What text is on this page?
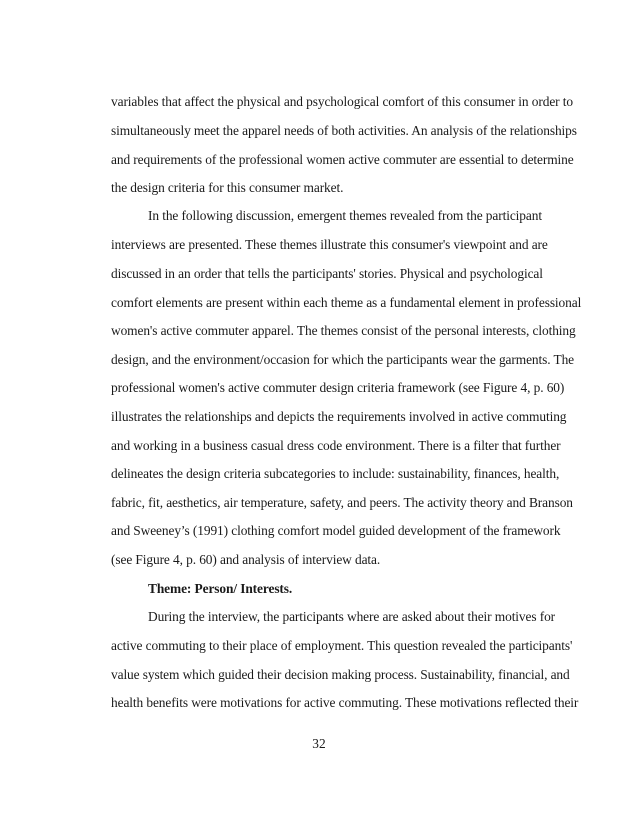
variables that affect the physical and psychological comfort of this consumer in order to
simultaneously meet the apparel needs of both activities. An analysis of the relationships
and requirements of the professional women active commuter are essential to determine
the design criteria for this consumer market.
In the following discussion, emergent themes revealed from the participant
interviews are presented. These themes illustrate this consumer's viewpoint and are
discussed in an order that tells the participants' stories. Physical and psychological
comfort elements are present within each theme as a fundamental element in professional
women's active commuter apparel. The themes consist of the personal interests, clothing
design, and the environment/occasion for which the participants wear the garments. The
professional women's active commuter design criteria framework (see Figure 4, p. 60)
illustrates the relationships and depicts the requirements involved in active commuting
and working in a business casual dress code environment. There is a filter that further
delineates the design criteria subcategories to include: sustainability, finances, health,
fabric, fit, aesthetics, air temperature, safety, and peers. The activity theory and Branson
and Sweeney’s (1991) clothing comfort model guided development of the framework
(see Figure 4, p. 60) and analysis of interview data.
Theme: Person/ Interests.
During the interview, the participants where are asked about their motives for
active commuting to their place of employment. This question revealed the participants'
value system which guided their decision making process. Sustainability, financial, and
health benefits were motivations for active commuting. These motivations reflected their
32
